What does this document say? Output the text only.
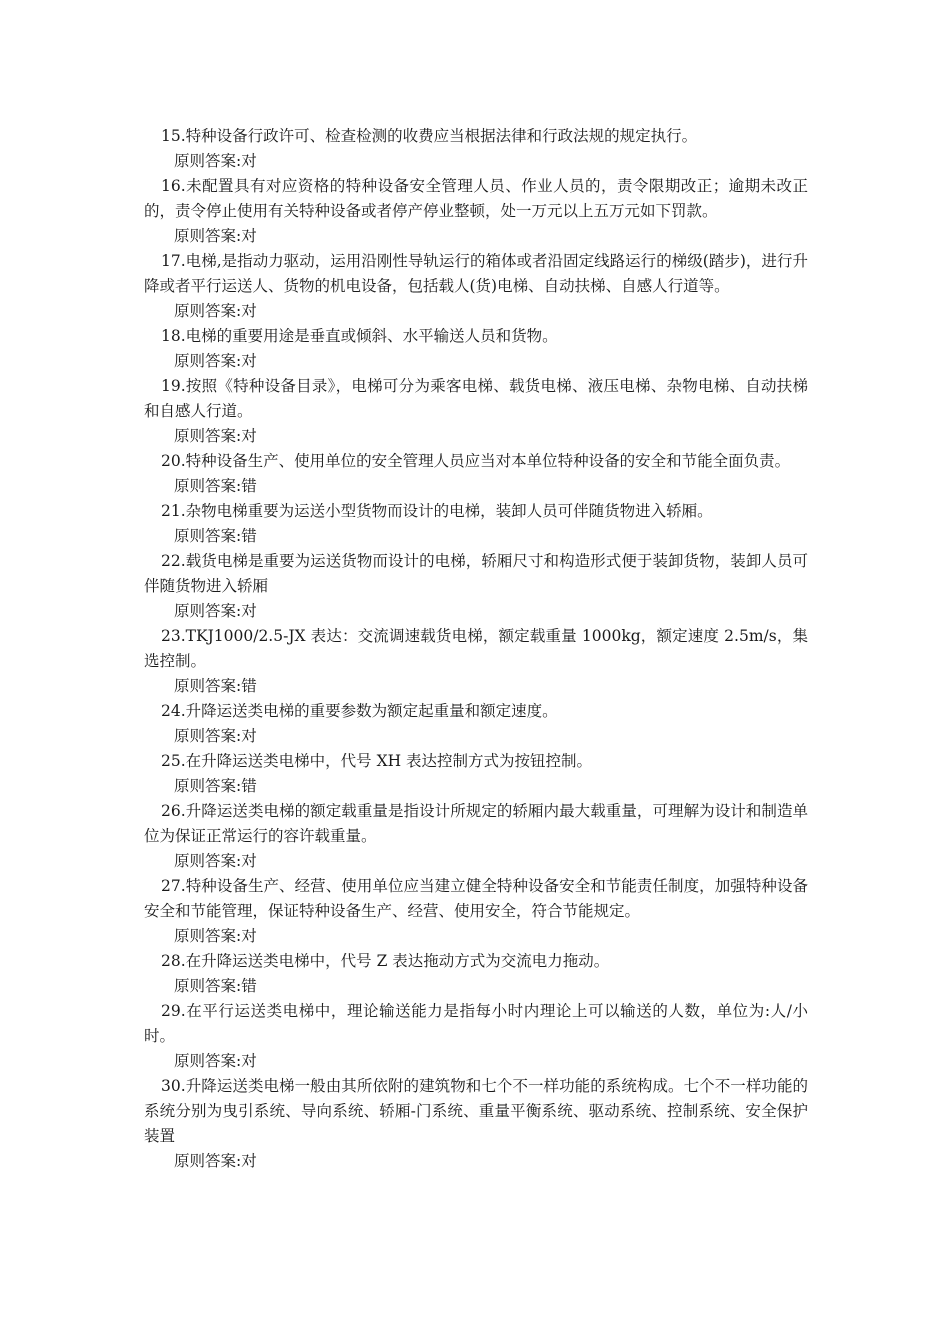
15.特种设备行政许可、检查检测的收费应当根据法律和行政法规的规定执行。

原则答案:对

16.未配置具有对应资格的特种设备安全管理人员、作业人员的，责令限期改正；逾期未改正的，责令停止使用有关特种设备或者停产停业整顿，处一万元以上五万元如下罚款。

原则答案:对

17.电梯,是指动力驱动，运用沿刚性导轨运行的箱体或者沿固定线路运行的梯级(踏步)，进行升降或者平行运送人、货物的机电设备，包括载人(货)电梯、自动扶梯、自感人行道等。

原则答案:对

18.电梯的重要用途是垂直或倾斜、水平输送人员和货物。

原则答案:对

19.按照《特种设备目录》，电梯可分为乘客电梯、载货电梯、液压电梯、杂物电梯、自动扶梯和自感人行道。

原则答案:对

20.特种设备生产、使用单位的安全管理人员应当对本单位特种设备的安全和节能全面负责。

原则答案:错

21.杂物电梯重要为运送小型货物而设计的电梯，装卸人员可伴随货物进入轿厢。

原则答案:错

22.载货电梯是重要为运送货物而设计的电梯，轿厢尺寸和构造形式便于装卸货物，装卸人员可伴随货物进入轿厢

原则答案:对

23.TKJ1000/2.5-JX 表达：交流调速载货电梯，额定载重量 1000kg，额定速度 2.5m/s，集选控制。

原则答案:错

24.升降运送类电梯的重要参数为额定起重量和额定速度。

原则答案:对

25.在升降运送类电梯中，代号 XH 表达控制方式为按钮控制。

原则答案:错

26.升降运送类电梯的额定载重量是指设计所规定的轿厢内最大载重量，可理解为设计和制造单位为保证正常运行的容许载重量。

原则答案:对

27.特种设备生产、经营、使用单位应当建立健全特种设备安全和节能责任制度，加强特种设备安全和节能管理，保证特种设备生产、经营、使用安全，符合节能规定。

原则答案:对

28.在升降运送类电梯中，代号 Z 表达拖动方式为交流电力拖动。

原则答案:错

29.在平行运送类电梯中，理论输送能力是指每小时内理论上可以输送的人数，单位为:人/小时。

原则答案:对

30.升降运送类电梯一般由其所依附的建筑物和七个不一样功能的系统构成。七个不一样功能的系统分别为曳引系统、导向系统、轿厢-门系统、重量平衡系统、驱动系统、控制系统、安全保护装置

原则答案:对
